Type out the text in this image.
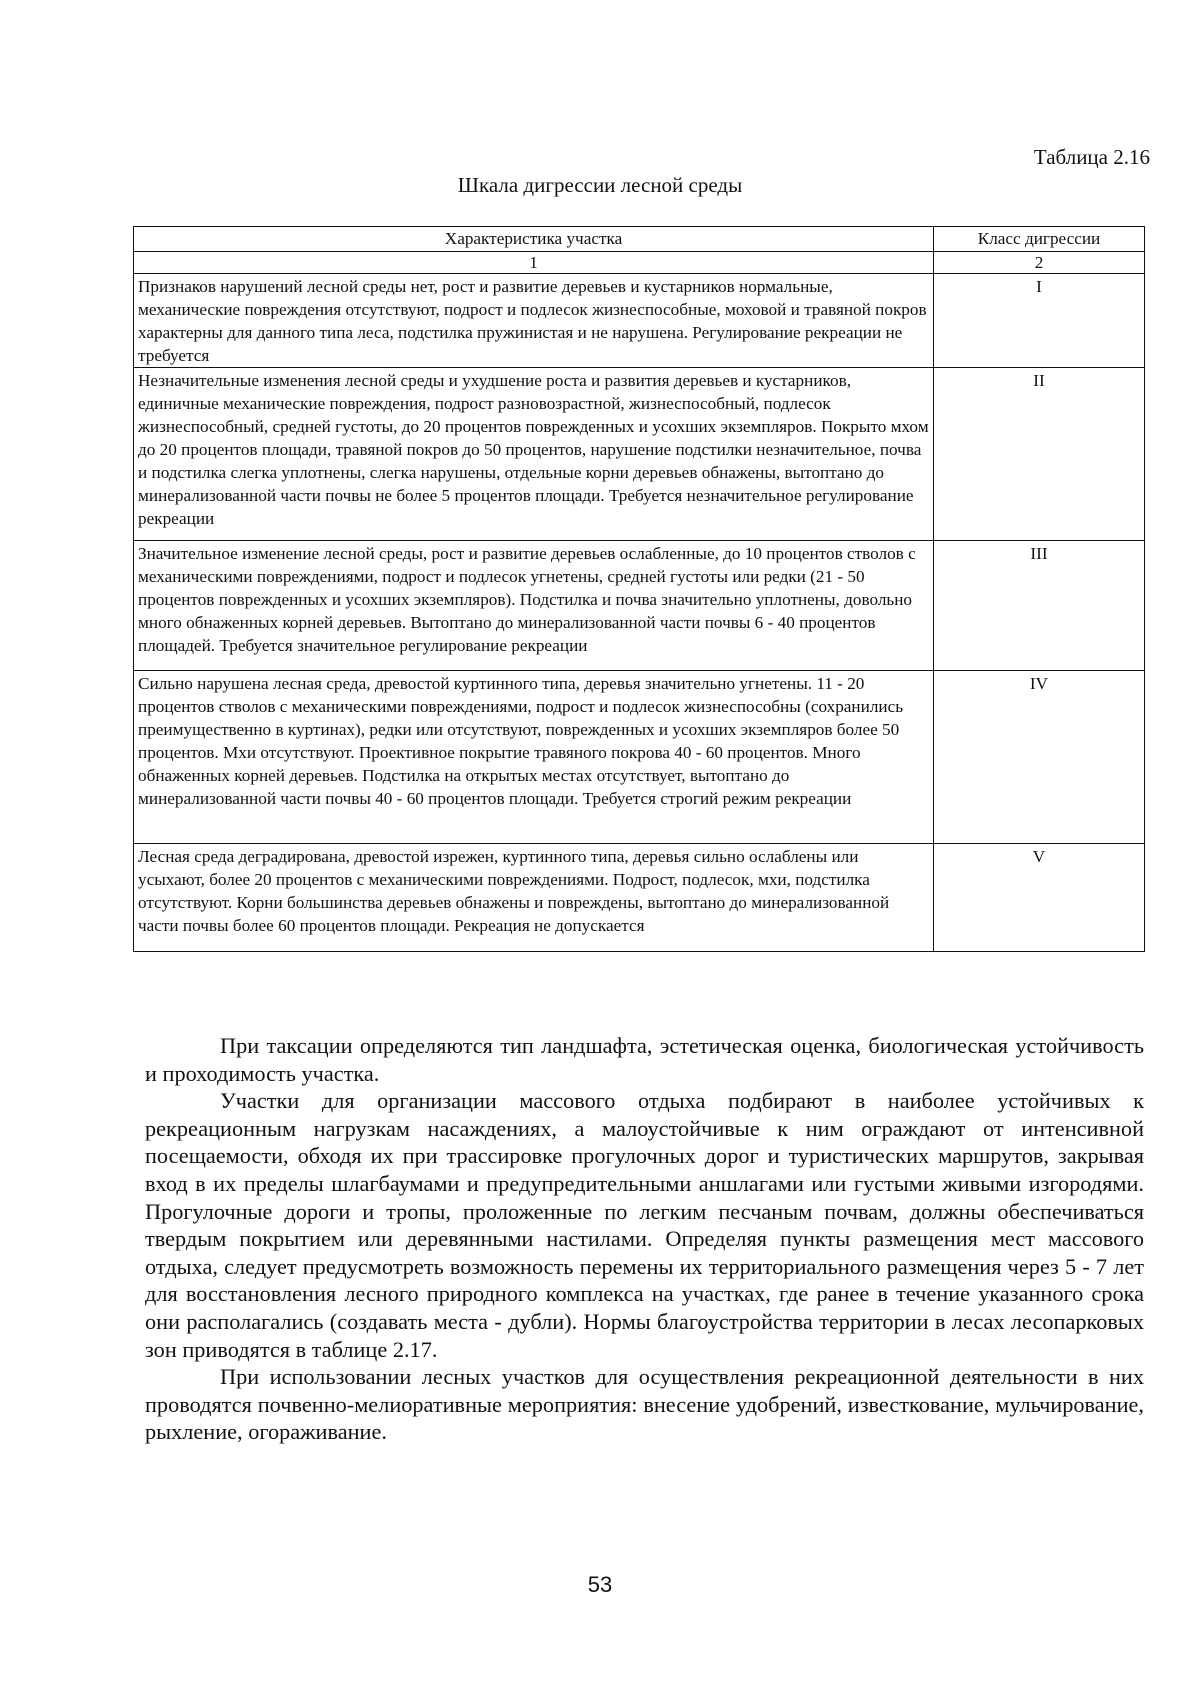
Таблица 2.16
Шкала дигрессии лесной среды
Характеристика участка	Класс дигрессии
1	2
Признаков нарушений лесной среды нет, рост и развитие деревьев и кустарников нормальные, механические повреждения отсутствуют, подрост и подлесок жизнеспособные, моховой и травяной покров характерны для данного типа леса, подстилка пружинистая и не нарушена. Регулирование рекреации не требуется	I
Незначительные изменения лесной среды и ухудшение роста и развития деревьев и кустарников, единичные механические повреждения, подрост разновозрастной, жизнеспособный, подлесок жизнеспособный, средней густоты, до 20 процентов поврежденных и усохших экземпляров. Покрыто мхом до 20 процентов площади, травяной покров до 50 процентов, нарушение подстилки незначительное, почва и подстилка слегка уплотнены, слегка нарушены, отдельные корни деревьев обнажены, вытоптано до минерализованной части почвы не более 5 процентов площади. Требуется незначительное регулирование рекреации	II
Значительное изменение лесной среды, рост и развитие деревьев ослабленные, до 10 процентов стволов с механическими повреждениями, подрост и подлесок угнетены, средней густоты или редки (21 - 50 процентов поврежденных и усохших экземпляров). Подстилка и почва значительно уплотнены, довольно много обнаженных корней деревьев. Вытоптано до минерализованной части почвы 6 - 40 процентов площадей. Требуется значительное регулирование рекреации	III
Сильно нарушена лесная среда, древостой куртинного типа, деревья значительно угнетены. 11 - 20 процентов стволов с механическими повреждениями, подрост и подлесок жизнеспособны (сохранились преимущественно в куртинах), редки или отсутствуют, поврежденных и усохших экземпляров более 50 процентов. Мхи отсутствуют. Проективное покрытие травяного покрова 40 - 60 процентов. Много обнаженных корней деревьев. Подстилка на открытых местах отсутствует, вытоптано до минерализованной части почвы 40 - 60 процентов площади. Требуется строгий режим рекреации	IV
Лесная среда деградирована, древостой изрежен, куртинного типа, деревья сильно ослаблены или усыхают, более 20 процентов с механическими повреждениями. Подрост, подлесок, мхи, подстилка отсутствуют. Корни большинства деревьев обнажены и повреждены, вытоптано до минерализованной части почвы более 60 процентов площади. Рекреация не допускается	V

При таксации определяются тип ландшафта, эстетическая оценка, биологическая устойчивость и проходимость участка.

Участки для организации массового отдыха подбирают в наиболее устойчивых к рекреационным нагрузкам насаждениях, а малоустойчивые к ним ограждают от интенсивной посещаемости, обходя их при трассировке прогулочных дорог и туристических маршрутов, закрывая вход в их пределы шлагбаумами и предупредительными аншлагами или густыми живыми изгородями. Прогулочные дороги и тропы, проложенные по легким песчаным почвам, должны обеспечиваться твердым покрытием или деревянными настилами. Определяя пункты размещения мест массового отдыха, следует предусмотреть возможность перемены их территориального размещения через 5 - 7 лет для восстановления лесного природного комплекса на участках, где ранее в течение указанного срока они располагались (создавать места - дубли). Нормы благоустройства территории в лесах лесопарковых зон приводятся в таблице 2.17.

При использовании лесных участков для осуществления рекреационной деятельности в них проводятся почвенно-мелиоративные мероприятия: внесение удобрений, известкование, мульчирование, рыхление, огораживание.

53
